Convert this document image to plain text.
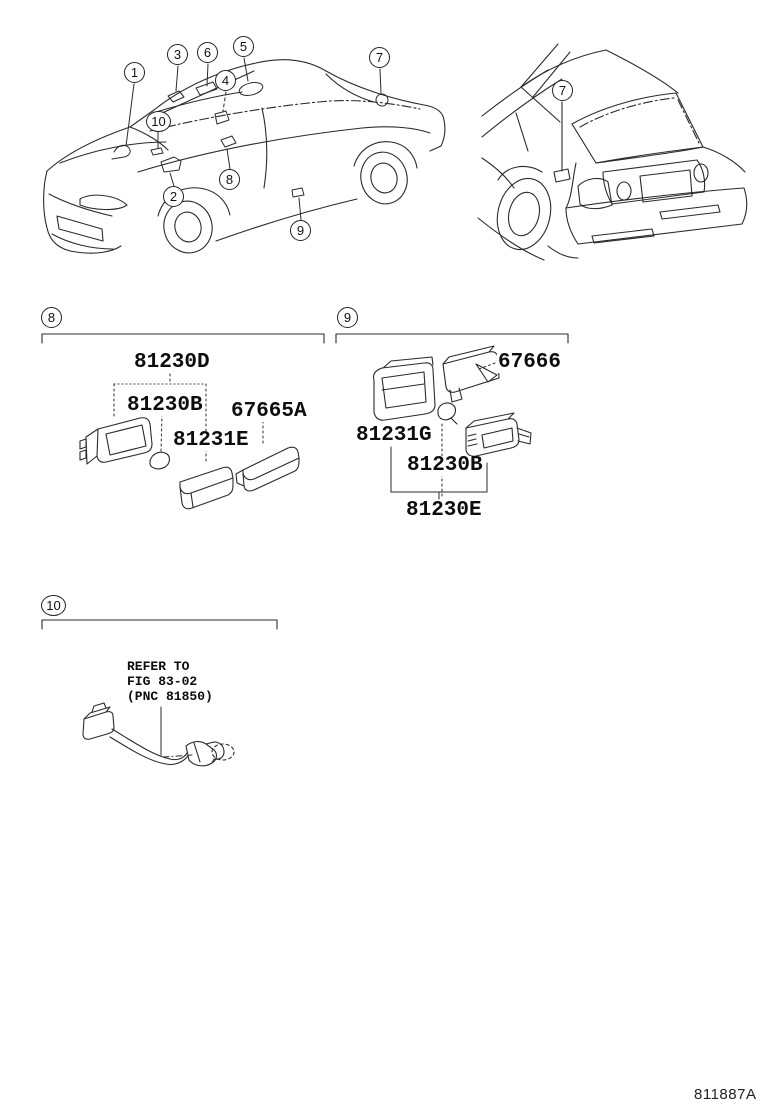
1
3 6 5
4
7
10
2
8
9
7
8	9
10
81230D
81230B 67665A
81231E
67666
81231G
81230B
81230E
REFER TO
FIG 83-02
(PNC 81850)
811887A
